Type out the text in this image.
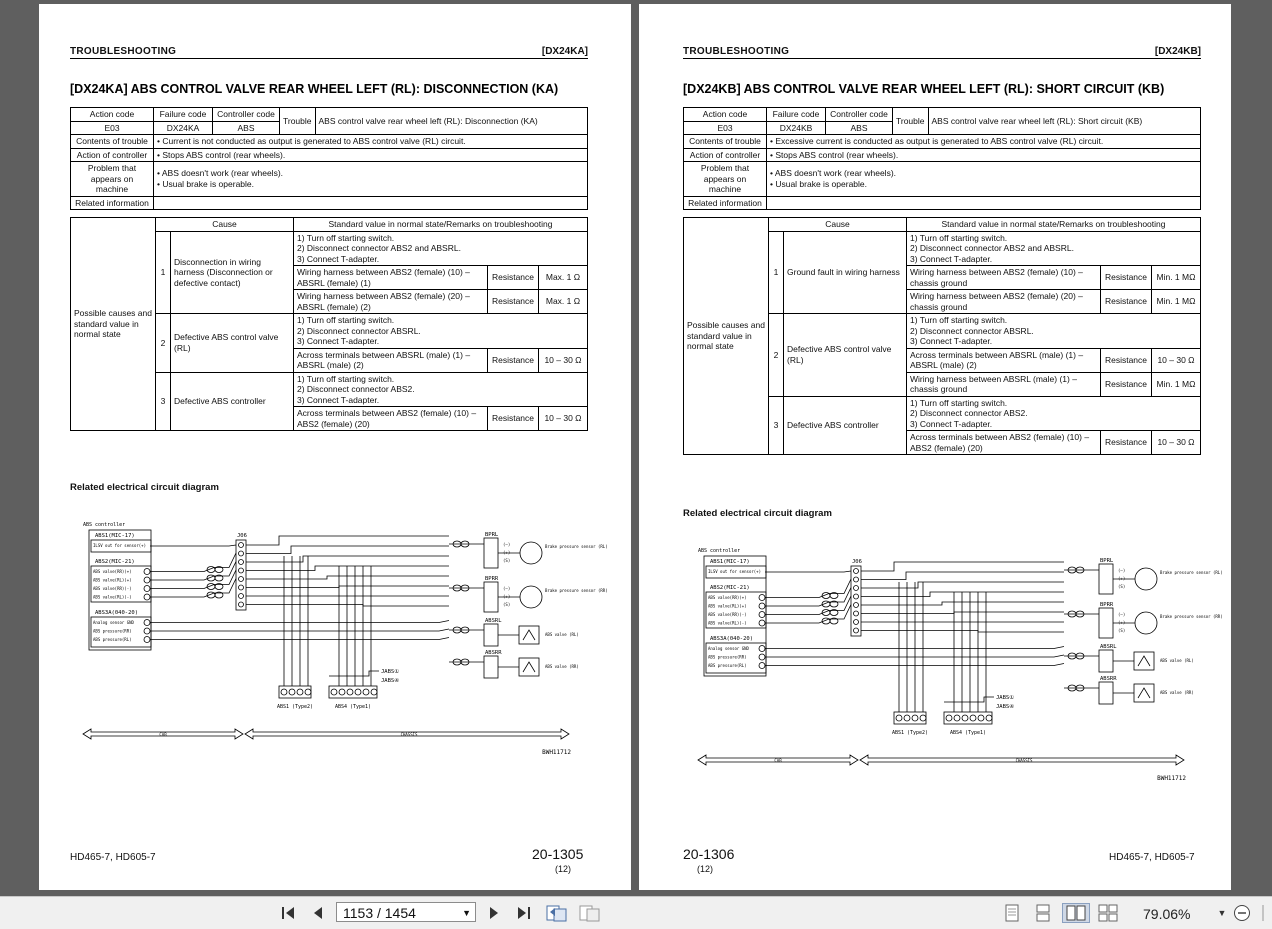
TROUBLESHOOTING	[DX24KA]
[DX24KA] ABS CONTROL VALVE REAR WHEEL LEFT (RL): DISCONNECTION (KA)
Action code	Failure code	Controller code	Trouble	ABS control valve rear wheel left (RL): Disconnection (KA)
E03	DX24KA	ABS		
Contents of trouble	• Current is not conducted as output is generated to ABS control valve (RL) circuit.
Action of controller	• Stops ABS control (rear wheels).
Problem that appears on machine	• ABS doesn't work (rear wheels).
• Usual brake is operable.

Related information				
Possible causes and standard value in normal state	Cause		Standard value in normal state/Remarks on troubleshooting		
	1	Disconnection in wiring harness (Disconnection or defective contact)	1) Turn off starting switch.
2) Disconnect connector ABS2 and ABSRL.
3) Connect T-adapter.		

			Wiring harness between ABS2 (female) (10) – ABSRL (female) (1)	Resistance	Max. 1 Ω
			Wiring harness between ABS2 (female) (20) – ABSRL (female) (2)	Resistance	Max. 1 Ω
	2	Defective ABS control valve (RL)	1) Turn off starting switch.
2) Disconnect connector ABSRL.
3) Connect T-adapter.		

			Across terminals between ABSRL (male) (1) – ABSRL (male) (2)	Resistance	10 – 30 Ω
	3	Defective ABS controller	1) Turn off starting switch.
2) Disconnect connector ABS2.
3) Connect T-adapter.		

			Across terminals between ABS2 (female) (10) – ABS2 (female) (20)	Resistance	10 – 30 Ω
Related electrical circuit diagram
ABS controller
ABS1(MIC-17)
ILSV out for sensor(+)
ABS2(MIC-21)
ABS valve(RR)(+)
ABS valve(RL)(+)
ABS valve(RR)(-)
ABS valve(RL)(-)
ABS3A(040-20)
Analog sensor GND
ABS pressure(RR)
ABS pressure(RL)
J06	BPRL
(–)
(+)
(S)
Brake pressure sensor (RL)
BPRR
(–)
(+)
(S)
Brake pressure sensor (RR)
ABSRL
ABS valve (RL)
ABSRR
ABS valve (RR)
ABS1 (Type2)	ABS4 (Type1)
JABS①
JABS④
CAB	CHASSIS
BWH11712
HD465-7, HD605-7	20-1305
(12)
TROUBLESHOOTING	[DX24KB]
[DX24KB] ABS CONTROL VALVE REAR WHEEL LEFT (RL): SHORT CIRCUIT (KB)
Action code	Failure code	Controller code	Trouble	ABS control valve rear wheel left (RL): Short circuit (KB)
E03	DX24KB	ABS		
Contents of trouble	• Excessive current is conducted as output is generated to ABS control valve (RL) circuit.
Action of controller	• Stops ABS control (rear wheels).
Problem that appears on machine	• ABS doesn't work (rear wheels).
• Usual brake is operable.

Related information				
Possible causes and standard value in normal state	Cause		Standard value in normal state/Remarks on troubleshooting		
	1	Ground fault in wiring harness	1) Turn off starting switch.
2) Disconnect connector ABS2 and ABSRL.
3) Connect T-adapter.		

			Wiring harness between ABS2 (female) (10) – chassis ground	Resistance	Min. 1 MΩ
			Wiring harness between ABS2 (female) (20) – chassis ground	Resistance	Min. 1 MΩ
	2	Defective ABS control valve (RL)	1) Turn off starting switch.
2) Disconnect connector ABSRL.
3) Connect T-adapter.		

			Across terminals between ABSRL (male) (1) – ABSRL (male) (2)	Resistance	10 – 30 Ω
			Wiring harness between ABSRL (male) (1) – chassis ground	Resistance	Min. 1 MΩ
	3	Defective ABS controller	1) Turn off starting switch.
2) Disconnect connector ABS2.
3) Connect T-adapter.		

			Across terminals between ABS2 (female) (10) – ABS2 (female) (20)	Resistance	10 – 30 Ω
Related electrical circuit diagram
ABS controller
ABS1(MIC-17)
ILSV out for sensor(+)
ABS2(MIC-21)
ABS valve(RR)(+)
ABS valve(RL)(+)
ABS valve(RR)(-)
ABS valve(RL)(-)
ABS3A(040-20)
Analog sensor GND
ABS pressure(RR)
ABS pressure(RL)
J06	BPRL
(–)
(+)
(S)
Brake pressure sensor (RL)
BPRR
(–)
(+)
(S)
Brake pressure sensor (RR)
ABSRL
ABS valve (RL)
ABSRR
ABS valve (RR)
ABS1 (Type2)	ABS4 (Type1)
JABS①
JABS④
CAB	CHASSIS
BWH11712
HD465-7, HD605-7
20-1306
(12)
1153 / 1454	▼	79.06%	▼
